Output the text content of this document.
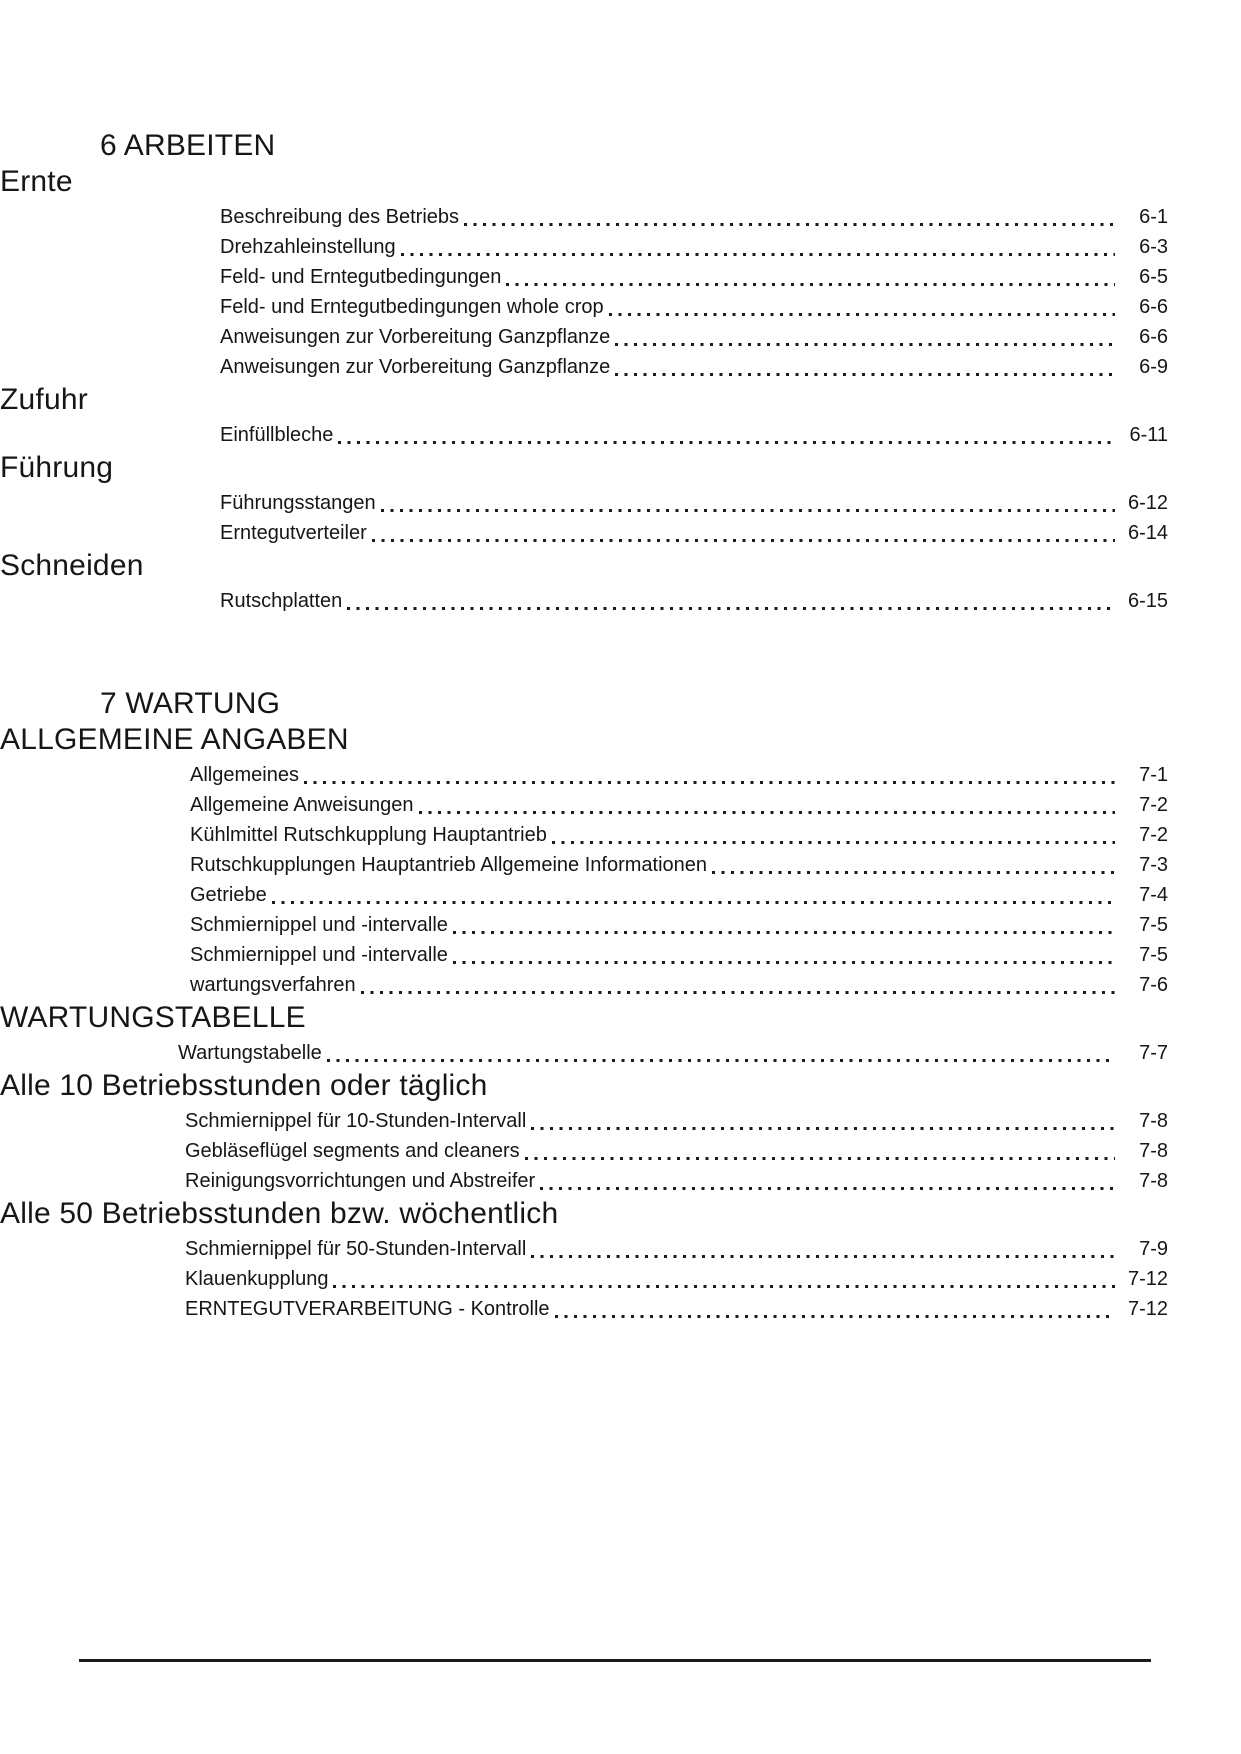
6 ARBEITEN
Ernte
Beschreibung des Betriebs	6-1
Drehzahleinstellung	6-3
Feld- und Erntegutbedingungen	6-5
Feld- und Erntegutbedingungen whole crop	6-6
Anweisungen zur Vorbereitung Ganzpflanze	6-6
Anweisungen zur Vorbereitung Ganzpflanze	6-9
Zufuhr
Einfüllbleche	6-11
Führung
Führungsstangen	6-12
Erntegutverteiler	6-14
Schneiden
Rutschplatten	6-15
7 WARTUNG
ALLGEMEINE ANGABEN
Allgemeines	7-1
Allgemeine Anweisungen	7-2
Kühlmittel Rutschkupplung Hauptantrieb	7-2
Rutschkupplungen Hauptantrieb Allgemeine Informationen	7-3
Getriebe	7-4
Schmiernippel und -intervalle	7-5
Schmiernippel und -intervalle	7-5
wartungsverfahren	7-6
WARTUNGSTABELLE
Wartungstabelle	7-7
Alle 10 Betriebsstunden oder täglich
Schmiernippel für 10-Stunden-Intervall	7-8
Gebläseflügel segments and cleaners	7-8
Reinigungsvorrichtungen und Abstreifer	7-8
Alle 50 Betriebsstunden bzw. wöchentlich
Schmiernippel für 50-Stunden-Intervall	7-9
Klauenkupplung	7-12
ERNTEGUTVERARBEITUNG - Kontrolle	7-12
